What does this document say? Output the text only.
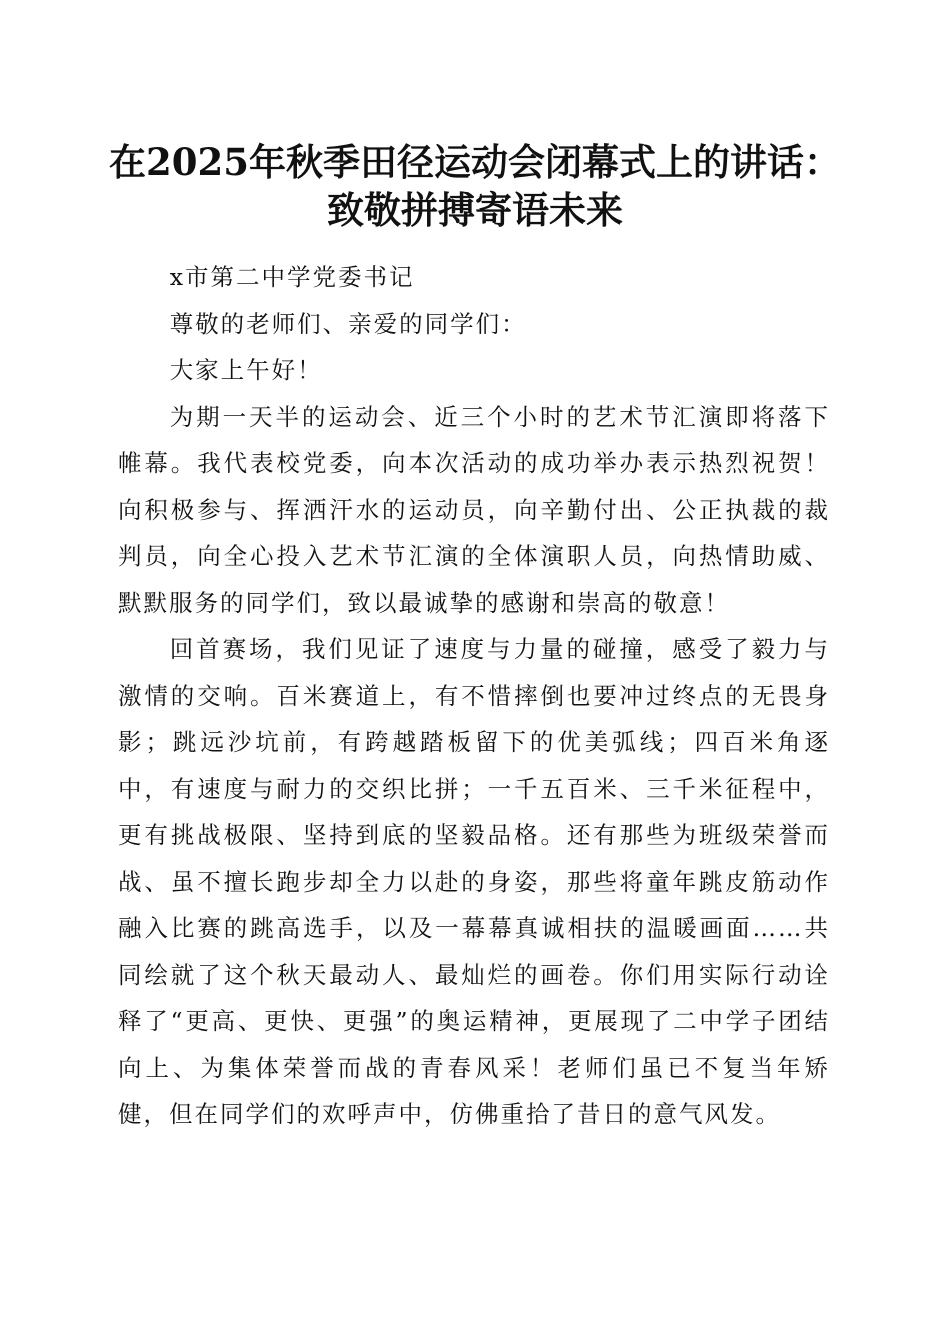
在2025年秋季田径运动会闭幕式上的讲话：
致敬拼搏寄语未来

x市第二中学党委书记

尊敬的老师们、亲爱的同学们：

大家上午好！

为期一天半的运动会、近三个小时的艺术节汇演即将落下帷幕。我代表校党委，向本次活动的成功举办表示热烈祝贺！向积极参与、挥洒汗水的运动员，向辛勤付出、公正执裁的裁判员，向全心投入艺术节汇演的全体演职人员，向热情助威、默默服务的同学们，致以最诚挚的感谢和崇高的敬意！

回首赛场，我们见证了速度与力量的碰撞，感受了毅力与激情的交响。百米赛道上，有不惜摔倒也要冲过终点的无畏身影；跳远沙坑前，有跨越踏板留下的优美弧线；四百米角逐中，有速度与耐力的交织比拼；一千五百米、三千米征程中，更有挑战极限、坚持到底的坚毅品格。还有那些为班级荣誉而战、虽不擅长跑步却全力以赴的身姿，那些将童年跳皮筋动作融入比赛的跳高选手，以及一幕幕真诚相扶的温暖画面……共同绘就了这个秋天最动人、最灿烂的画卷。你们用实际行动诠释了“更高、更快、更强”的奥运精神，更展现了二中学子团结向上、为集体荣誉而战的青春风采！老师们虽已不复当年矫健，但在同学们的欢呼声中，仿佛重拾了昔日的意气风发。
